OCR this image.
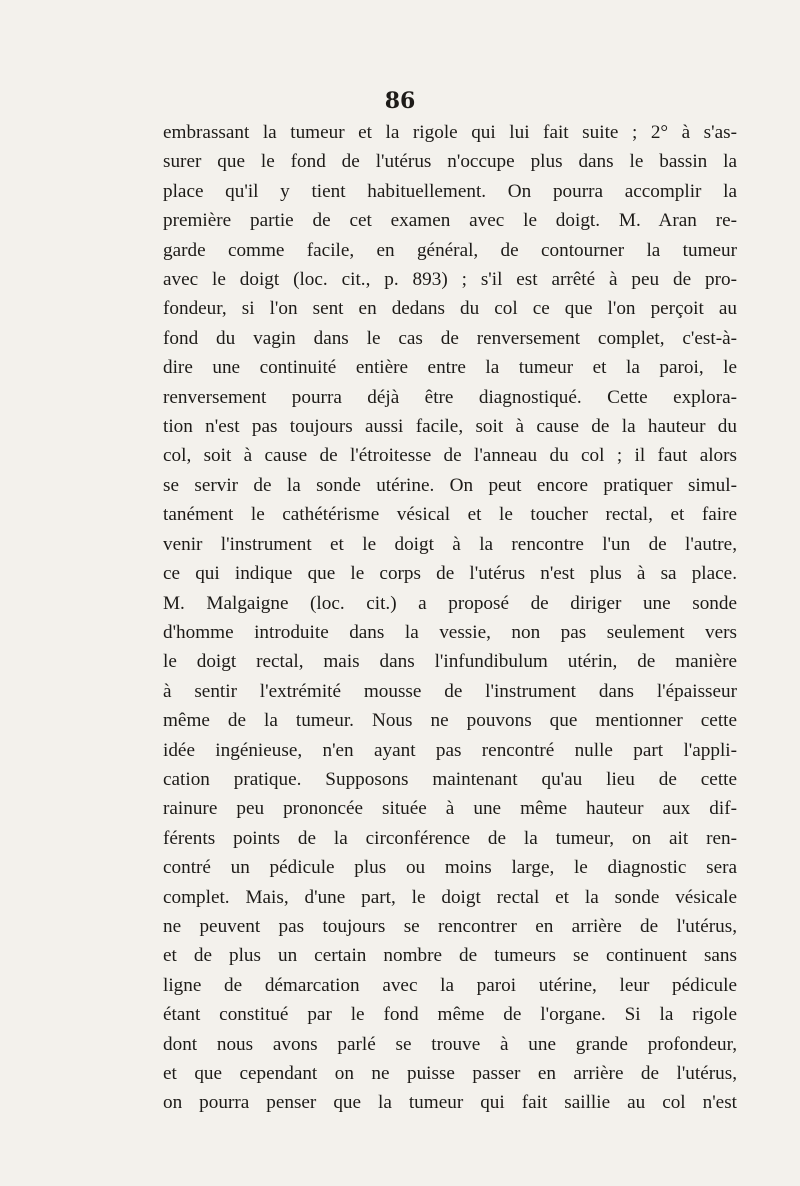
86
embrassant la tumeur et la rigole qui lui fait suite ; 2° à s'as-
surer que le fond de l'utérus n'occupe plus dans le bassin la
place qu'il y tient habituellement. On pourra accomplir la
première partie de cet examen avec le doigt. M. Aran re-
garde comme facile, en général, de contourner la tumeur
avec le doigt (loc. cit., p. 893) ; s'il est arrêté à peu de pro-
fondeur, si l'on sent en dedans du col ce que l'on perçoit au
fond du vagin dans le cas de renversement complet, c'est-à-
dire une continuité entière entre la tumeur et la paroi, le
renversement pourra déjà être diagnostiqué. Cette explora-
tion n'est pas toujours aussi facile, soit à cause de la hauteur du
col, soit à cause de l'étroitesse de l'anneau du col ; il faut alors
se servir de la sonde utérine. On peut encore pratiquer simul-
tanément le cathétérisme vésical et le toucher rectal, et faire
venir l'instrument et le doigt à la rencontre l'un de l'autre,
ce qui indique que le corps de l'utérus n'est plus à sa place.
M. Malgaigne (loc. cit.) a proposé de diriger une sonde
d'homme introduite dans la vessie, non pas seulement vers
le doigt rectal, mais dans l'infundibulum utérin, de manière
à sentir l'extrémité mousse de l'instrument dans l'épaisseur
même de la tumeur. Nous ne pouvons que mentionner cette
idée ingénieuse, n'en ayant pas rencontré nulle part l'appli-
cation pratique. Supposons maintenant qu'au lieu de cette
rainure peu prononcée située à une même hauteur aux dif-
férents points de la circonférence de la tumeur, on ait ren-
contré un pédicule plus ou moins large, le diagnostic sera
complet. Mais, d'une part, le doigt rectal et la sonde vésicale
ne peuvent pas toujours se rencontrer en arrière de l'utérus,
et de plus un certain nombre de tumeurs se continuent sans
ligne de démarcation avec la paroi utérine, leur pédicule
étant constitué par le fond même de l'organe. Si la rigole
dont nous avons parlé se trouve à une grande profondeur,
et que cependant on ne puisse passer en arrière de l'utérus,
on pourra penser que la tumeur qui fait saillie au col n'est
